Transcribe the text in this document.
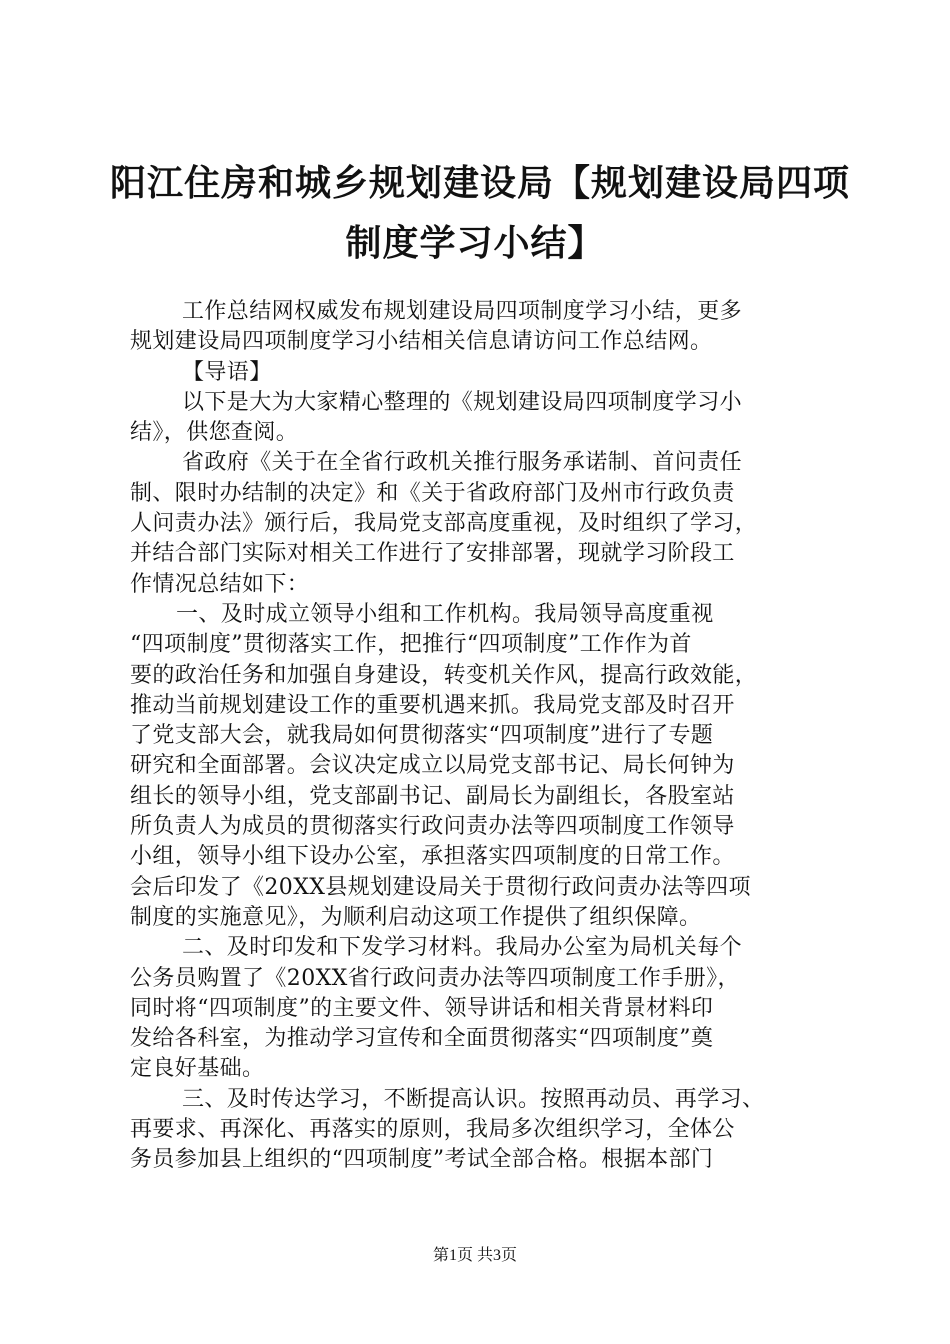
阳江住房和城乡规划建设局【规划建设局四项
制度学习小结】
工作总结网权威发布规划建设局四项制度学习小结，更多
规划建设局四项制度学习小结相关信息请访问工作总结网。
【导语】
以下是大为大家精心整理的《规划建设局四项制度学习小
结》，供您查阅。
省政府《关于在全省行政机关推行服务承诺制、首问责任
制、限时办结制的决定》和《关于省政府部门及州市行政负责
人问责办法》颁行后，我局党支部高度重视，及时组织了学习，
并结合部门实际对相关工作进行了安排部署，现就学习阶段工
作情况总结如下：
一、及时成立领导小组和工作机构。我局领导高度重视
“四项制度”贯彻落实工作，把推行“四项制度”工作作为首
要的政治任务和加强自身建设，转变机关作风，提高行政效能，
推动当前规划建设工作的重要机遇来抓。我局党支部及时召开
了党支部大会，就我局如何贯彻落实“四项制度”进行了专题
研究和全面部署。会议决定成立以局党支部书记、局长何钟为
组长的领导小组，党支部副书记、副局长为副组长，各股室站
所负责人为成员的贯彻落实行政问责办法等四项制度工作领导
小组，领导小组下设办公室，承担落实四项制度的日常工作。
会后印发了《20XX县规划建设局关于贯彻行政问责办法等四项
制度的实施意见》，为顺利启动这项工作提供了组织保障。
二、及时印发和下发学习材料。我局办公室为局机关每个
公务员购置了《20XX省行政问责办法等四项制度工作手册》，
同时将“四项制度”的主要文件、领导讲话和相关背景材料印
发给各科室，为推动学习宣传和全面贯彻落实“四项制度”奠
定良好基础。
三、及时传达学习，不断提高认识。按照再动员、再学习、
再要求、再深化、再落实的原则，我局多次组织学习，全体公
务员参加县上组织的“四项制度”考试全部合格。根据本部门
第1页 共3页
